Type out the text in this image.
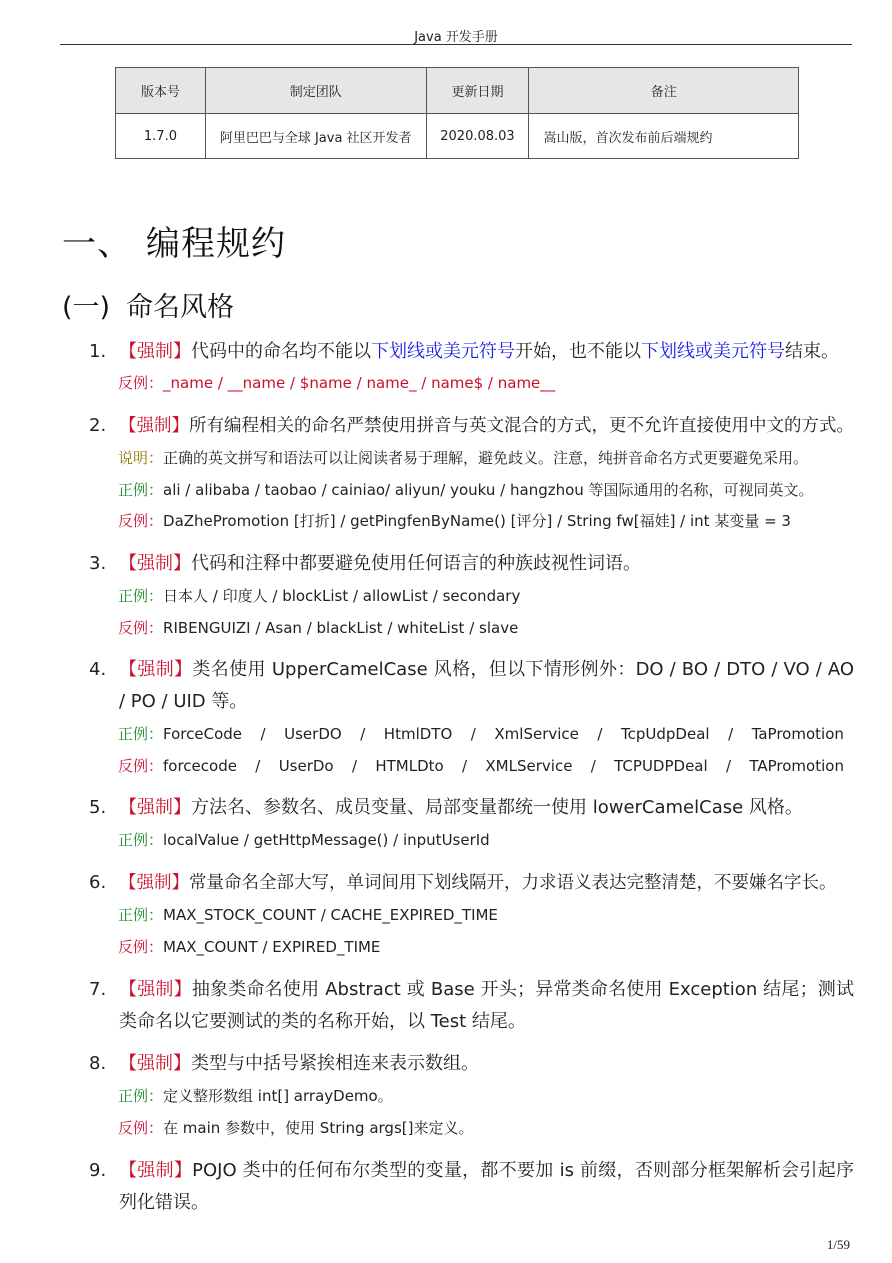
Java 开发手册
版本号	制定团队	更新日期	备注
1.7.0	阿里巴巴与全球 Java 社区开发者	2020.08.03	嵩山版，首次发布前后端规约
一、 编程规约
(一) 命名风格
1. 【强制】代码中的命名均不能以下划线或美元符号开始，也不能以下划线或美元符号结束。
反例：_name / __name / $name / name_ / name$ / name__
2. 【强制】所有编程相关的命名严禁使用拼音与英文混合的方式，更不允许直接使用中文的方式。
说明：正确的英文拼写和语法可以让阅读者易于理解，避免歧义。注意，纯拼音命名方式更要避免采用。
正例：ali / alibaba / taobao / cainiao/ aliyun/ youku / hangzhou 等国际通用的名称，可视同英文。
反例：DaZhePromotion [打折] / getPingfenByName() [评分] / String fw[福娃] / int 某变量 = 3
3. 【强制】代码和注释中都要避免使用任何语言的种族歧视性词语。
正例：日本人 / 印度人 / blockList / allowList / secondary
反例：RIBENGUIZI / Asan / blackList / whiteList / slave
4. 【强制】类名使用 UpperCamelCase 风格，但以下情形例外：DO / BO / DTO / VO / AO / PO / UID 等。
正例：ForceCode / UserDO / HtmlDTO / XmlService / TcpUdpDeal / TaPromotion
反例：forcecode / UserDo / HTMLDto / XMLService / TCPUDPDeal / TAPromotion
5. 【强制】方法名、参数名、成员变量、局部变量都统一使用 lowerCamelCase 风格。
正例：localValue / getHttpMessage() / inputUserId
6. 【强制】常量命名全部大写，单词间用下划线隔开，力求语义表达完整清楚，不要嫌名字长。
正例：MAX_STOCK_COUNT / CACHE_EXPIRED_TIME
反例：MAX_COUNT / EXPIRED_TIME
7. 【强制】抽象类命名使用 Abstract 或 Base 开头；异常类命名使用 Exception 结尾；测试类命名以它要测试的类的名称开始，以 Test 结尾。
8. 【强制】类型与中括号紧挨相连来表示数组。
正例：定义整形数组 int[] arrayDemo。
反例：在 main 参数中，使用 String args[]来定义。
9. 【强制】POJO 类中的任何布尔类型的变量，都不要加 is 前缀，否则部分框架解析会引起序列化错误。
1/59
